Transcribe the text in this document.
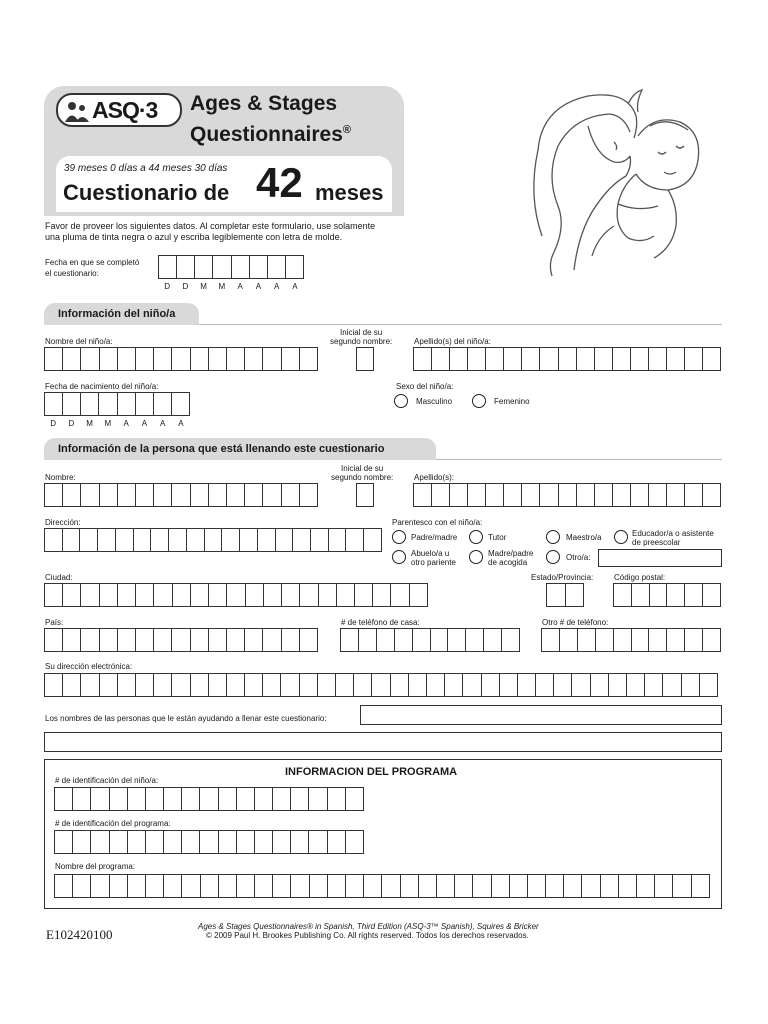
ASQ·3 Ages & Stages
Questionnaires®
39 meses 0 días a 44 meses 30 días
Cuestionario de 42 meses
Favor de proveer los siguientes datos. Al completar este formulario, use solamente
una pluma de tinta negra o azul y escriba legiblemente con letra de molde.
Fecha en que se completó
el cuestionario:
D	D	M	M	A	A	A	A
Información del niño/a
Nombre del niño/a:
Inicial de su
segundo nombre:	Apellido(s) del niño/a:
Fecha de nacimiento del niño/a:
D	D	M	M	A	A	A	A
Sexo del niño/a:
Masculino	Femenino
Información de la persona que está llenando este cuestionario
Nombre:
Inicial de su
segundo nombre:	Apellido(s):
Dirección:	Parentesco con el niño/a:
Padre/madre	Tutor	Maestro/a	Educador/a o asistente
de preescolar
Abuelo/a u
otro pariente
Madre/padre
de acogida
Otro/a:
Ciudad:	Estado/Provincia:	Código postal:
País:	# de teléfono de casa:	Otro # de teléfono:
Su dirección electrónica:
Los nombres de las personas que le están ayudando a llenar este cuestionario:
INFORMACION DEL PROGRAMA
# de identificación del niño/a:
# de identificación del programa:
Nombre del programa:
E102420100
Ages & Stages Questionnaires® in Spanish, Third Edition (ASQ-3™ Spanish), Squires & Bricker
© 2009 Paul H. Brookes Publishing Co. All rights reserved. Todos los derechos reservados.
